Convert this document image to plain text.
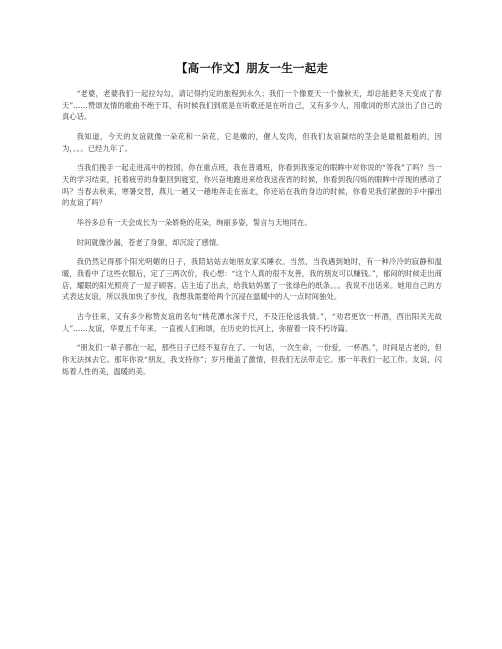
【高一作文】朋友一生一起走

“老婆，老婆我们一起拉勾勾，请记得约定的旅程到永久；我们一个像夏天一个像秋天，却总能把冬天变成了春天”……赞颂友情的歌曲不绝于耳，有时候我们到底是在听歌还是在听自己，又有多少人，用歌词的形式淡出了自己的真心话。

我知道，今天的友谊就像一朵花和一朵花，它是嫩的，催人发肉，但我们友谊凝结的茎会是最粗最粗的，因为，。。。已经九年了。

当我们挽手一起走进高中的校园，你在重点班，我在普通班，你看到我鉴定的眼眸中对你说的“等我”了吗？当一天的学习结束，托着疲劳的身躯回到寝室，你兴奋地跑进来给我送夜宵的时候，你看到我闪烁的眼眸中浮现的感动了吗？当春去秋来，寒暑交替，燕儿一趟又一趟地奔走在南北，你还站在我的身边的时候，你看见我们紧握的手中攥出的友谊了吗？

华谷多总有一天会成长为一朵娇艳的花朵，绚丽多姿，誓言与天地同在。

时间就像沙漏，苍老了身躯，却沉淀了感情。

我仍然记得那个阳光明媚的日子，我陪姑姑去她朋友家买睡衣。当然，当我遇到她时，有一种冷冷的寂静和温暖，我看中了这些衣服后，定了三两次价，我心想：“这个人真的很不友善，我的朋友可以赚钱。”，郁闷的时候走出商店，耀眼的阳光照亮了一屋子顾客。店主追了出去，给我姑妈塞了一张绿色的纸条。。。我说不出话来。她用自己的方式表达友谊，所以我加快了步伐，我想我需要给两个沉浸在温暖中的人一点时间独处。

古今往来，又有多少称赞友谊的名句“桃花潭水深千尺，不及汪伦送我情。”，“劝君更饮一杯酒，西出阳关无故人”……友谊，华夏五千年来，一直被人们称颂，在历史的长河上，弥留着一段不朽诗篇。

“朋友们一辈子都在一起，那些日子已经不复存在了。一句话，一次生命，一份爱，一杯酒。”，时间是古老的，但你无法抹去它。那年你说“朋友，我支持你”；岁月掩盖了激情，但我们无法带走它。那一年我们一起工作。友谊，闪烁着人性的美，温暖的美。
